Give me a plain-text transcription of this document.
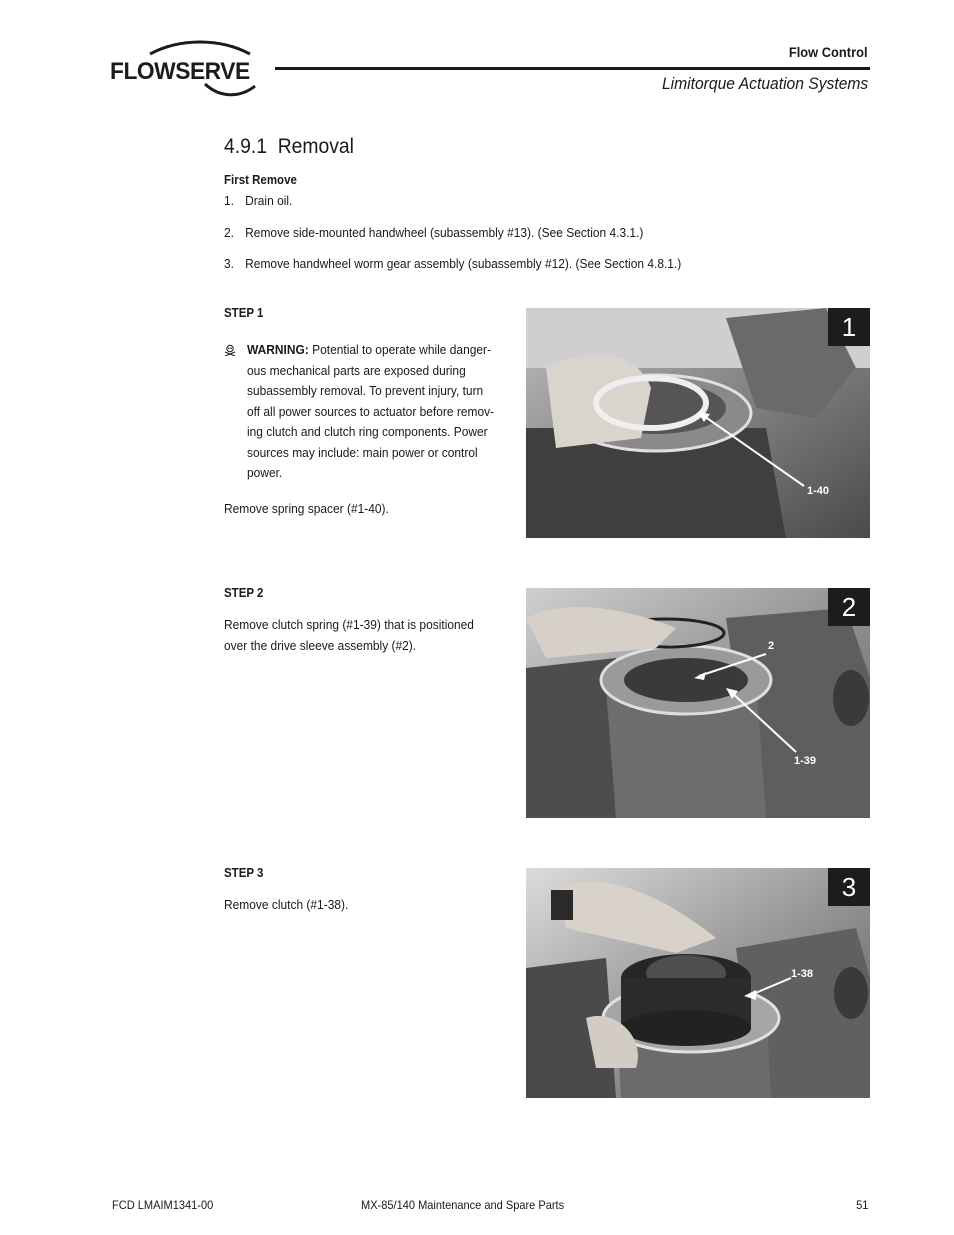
FLOWSERVE
Flow Control
Limitorque Actuation Systems
4.9.1  Removal
First Remove
1. Drain oil.
2. Remove side-mounted handwheel (subassembly #13). (See Section 4.3.1.)
3. Remove handwheel worm gear assembly (subassembly #12). (See Section 4.8.1.)
STEP 1
WARNING: Potential to operate while danger-
ous mechanical parts are exposed during
subassembly removal. To prevent injury, turn
off all power sources to actuator before remov-
ing clutch and clutch ring components. Power
sources may include: main power or control
power.
Remove spring spacer (#1-40).
1
1-40
STEP 2
Remove clutch spring (#1-39) that is positioned
over the drive sleeve assembly (#2).
2
2
1-39
STEP 3
Remove clutch (#1-38).
3
1-38
FCD LMAIM1341-00	MX-85/140 Maintenance and Spare Parts	51
